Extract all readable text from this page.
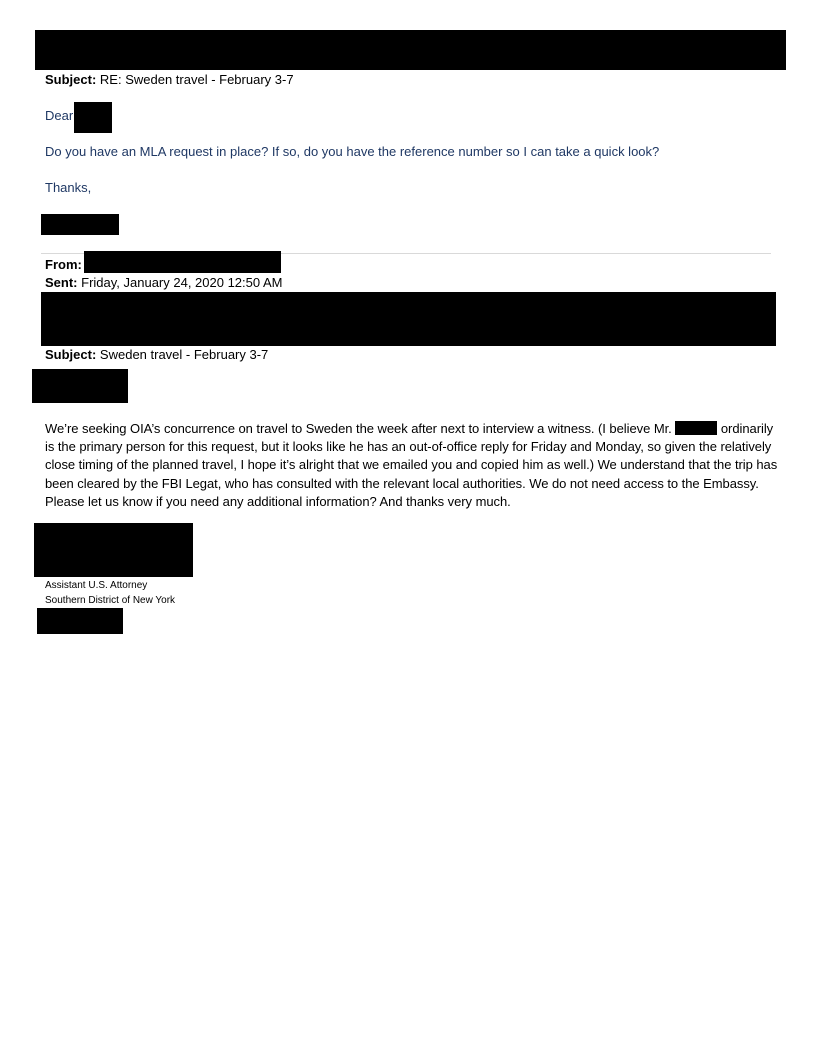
Subject: RE: Sweden travel - February 3-7
Dear
Do you have an MLA request in place? If so, do you have the reference number so I can take a quick look?
Thanks,
From:
Sent: Friday, January 24, 2020 12:50 AM
Subject: Sweden travel - February 3-7
We’re seeking OIA’s concurrence on travel to Sweden the week after next to interview a witness. (I believe Mr.	ordinarily is the primary person for this request, but it looks like he has an out-of-office reply for Friday and Monday, so given the relatively close timing of the planned travel, I hope it’s alright that we emailed you and copied him as well.) We understand that the trip has been cleared by the FBI Legat, who has consulted with the relevant local authorities. We do not need access to the Embassy. Please let us know if you need any additional information? And thanks very much.
Assistant U.S. Attorney
Southern District of New York
